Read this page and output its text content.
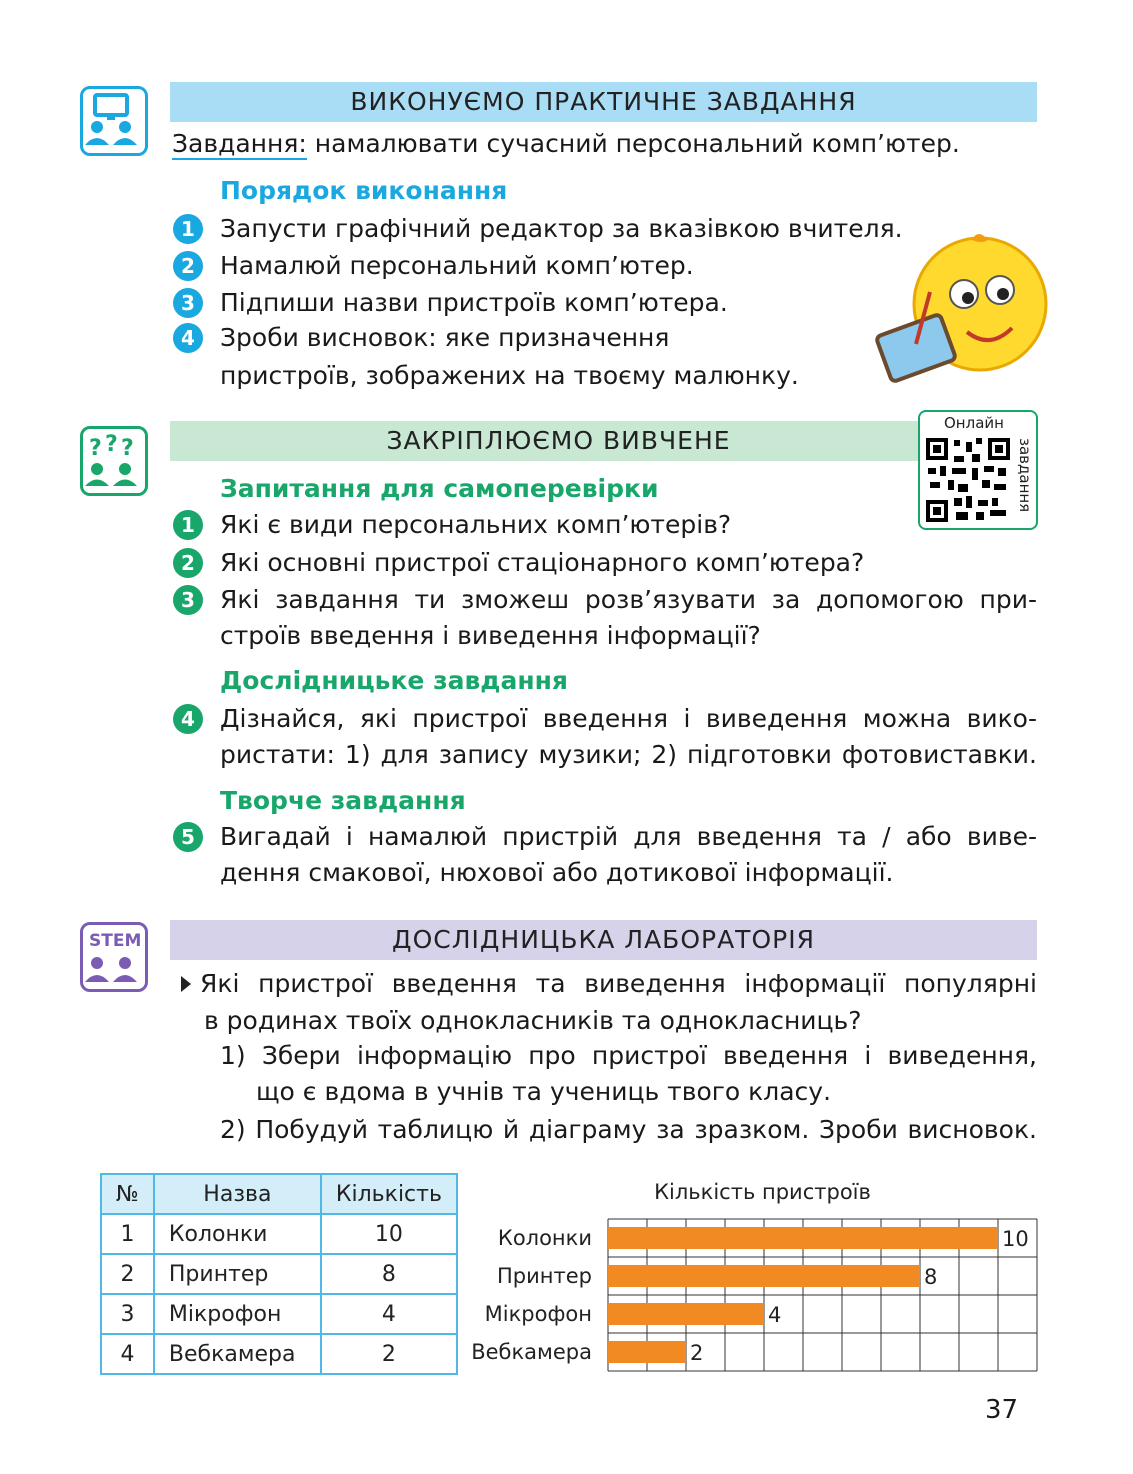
ВИКОНУЄМО ПРАКТИЧНЕ ЗАВДАННЯ
Завдання: намалювати сучасний персональний комп’ютер.
Порядок виконання
1	Запусти графічний редактор за вказівкою вчителя.
2	Намалюй персональний комп’ютер.
3	Підпиши назви пристроїв комп’ютера.
4	Зроби висновок: яке призначення
пристроїв, зображених на твоєму малюнку.
? ? ?	ЗАКРІПЛЮЄМО ВИВЧЕНЕ
Онлайн
завдання
Запитання для самоперевірки
1	Які є види персональних комп’ютерів?
2	Які основні пристрої стаціонарного комп’ютера?
3	Які завдання ти зможеш розв’язувати за допомогою при-
строїв введення і виведення інформації?
Дослідницьке завдання
4	Дізнайся, які пристрої введення і виведення можна вико-
ристати: 1) для запису музики; 2) підготовки фотовиставки.
Творче завдання
5	Вигадай і намалюй пристрій для введення та / або виве-
дення смакової, нюхової або дотикової інформації.
STEM	ДОСЛІДНИЦЬКА ЛАБОРАТОРІЯ
Які пристрої введення та виведення інформації популярні
в родинах твоїх однокласників та однокласниць?
1) Збери інформацію про пристрої введення і виведення,
що є вдома в учнів та учениць твого класу.
2) Побудуй таблицю й діаграму за зразком. Зроби висновок.
№	Назва	Кількість
1	Колонки	10
2	Принтер	8
3	Мікрофон	4
4	Вебкамера	2
Кількість пристроїв
Колонки	10
Принтер	8
Мікрофон	4
Вебкамера	2
37
